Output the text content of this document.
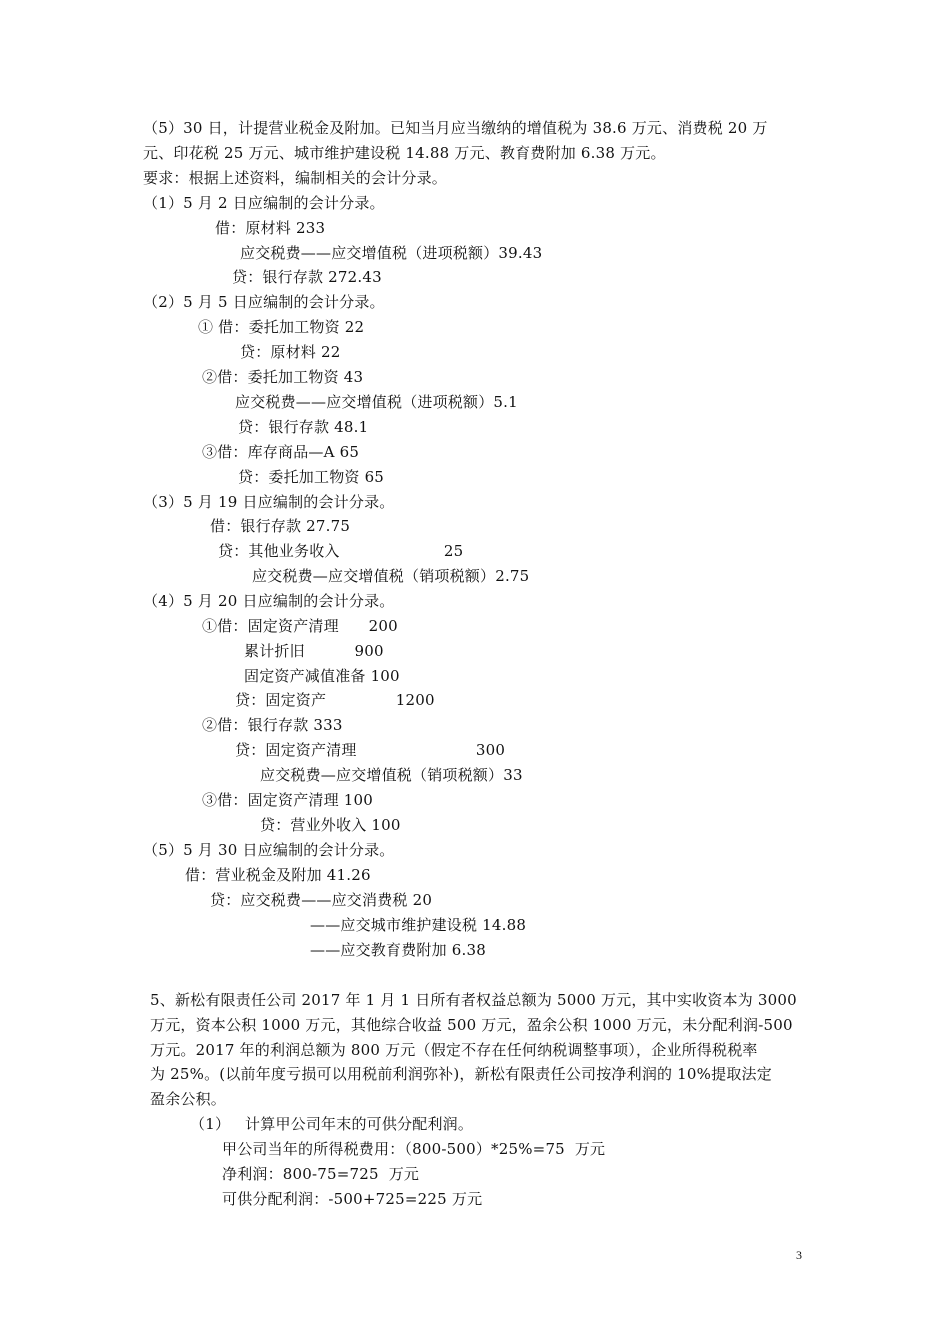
（5）30 日，计提营业税金及附加。已知当月应当缴纳的增值税为 38.6 万元、消费税 20 万
元、印花税 25 万元、城市维护建设税 14.88 万元、教育费附加 6.38 万元。
要求：根据上述资料，编制相关的会计分录。
（1）5 月 2 日应编制的会计分录。
借：原材料 233
应交税费——应交增值税（进项税额）39.43
贷：银行存款 272.43
（2）5 月 5 日应编制的会计分录。
① 借：委托加工物资 22
贷：原材料 22
②借：委托加工物资 43
应交税费——应交增值税（进项税额）5.1
贷：银行存款 48.1
③借：库存商品—A 65
贷：委托加工物资 65
（3）5 月 19 日应编制的会计分录。
借：银行存款 27.75
贷：其他业务收入                     25
应交税费—应交增值税（销项税额）2.75
（4）5 月 20 日应编制的会计分录。
①借：固定资产清理      200
累计折旧          900
固定资产减值准备 100
贷：固定资产              1200
②借：银行存款 333
贷：固定资产清理                        300
应交税费—应交增值税（销项税额）33
③借：固定资产清理 100
贷：营业外收入 100
（5）5 月 30 日应编制的会计分录。
借：营业税金及附加 41.26
贷：应交税费——应交消费税 20
——应交城市维护建设税 14.88
——应交教育费附加 6.38
5、新松有限责任公司 2017 年 1 月 1 日所有者权益总额为 5000 万元，其中实收资本为 3000
万元，资本公积 1000 万元，其他综合收益 500 万元，盈余公积 1000 万元，未分配利润-500
万元。2017 年的利润总额为 800 万元（假定不存在任何纳税调整事项），企业所得税税率
为 25%。(以前年度亏损可以用税前利润弥补)，新松有限责任公司按净利润的 10%提取法定
盈余公积。
（1）   计算甲公司年末的可供分配利润。
甲公司当年的所得税费用：（800-500）*25%=75  万元
净利润：800-75=725  万元
可供分配利润：-500+725=225 万元
3
